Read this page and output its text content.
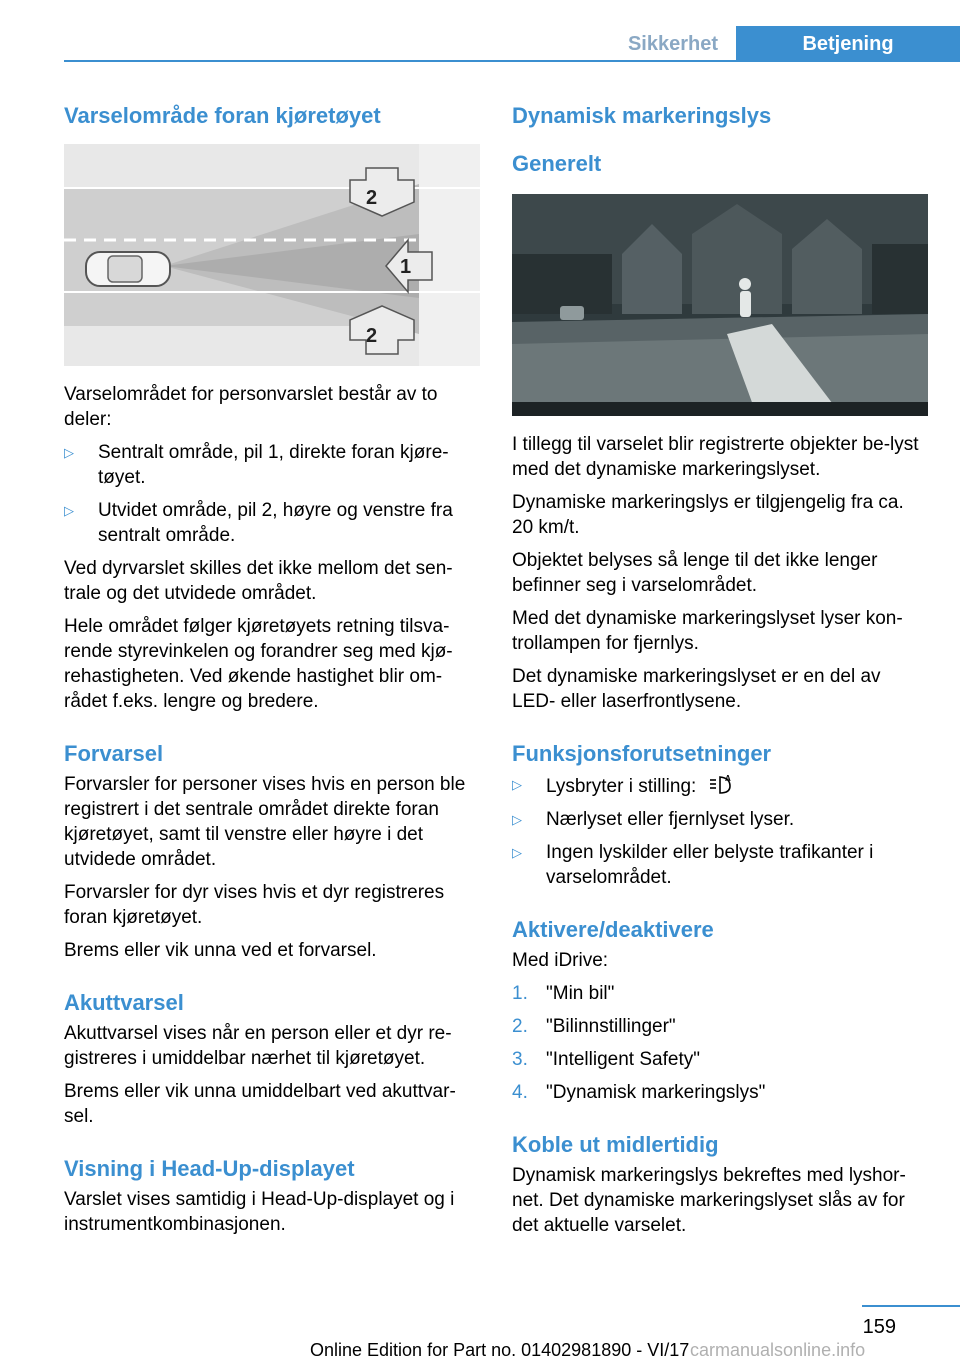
Sikkerhet	Betjening
Varselområde foran kjøretøyet
2
1
2

Varselområdet for personvarslet består av to deler:

▷ Sentralt område, pil 1, direkte foran kjøre-tøyet.
▷ Utvidet område, pil 2, høyre og venstre fra sentralt område.

Ved dyrvarslet skilles det ikke mellom det sen-trale og det utvidede området.

Hele området følger kjøretøyets retning tilsva-rende styrevinkelen og forandrer seg med kjø-rehastigheten. Ved økende hastighet blir om-rådet f.eks. lengre og bredere.

Forvarsel

Forvarsler for personer vises hvis en person ble registrert i det sentrale området direkte foran kjøretøyet, samt til venstre eller høyre i det utvidede området.

Forvarsler for dyr vises hvis et dyr registreres foran kjøretøyet.

Brems eller vik unna ved et forvarsel.

Akuttvarsel

Akuttvarsel vises når en person eller et dyr re-gistreres i umiddelbar nærhet til kjøretøyet.

Brems eller vik unna umiddelbart ved akuttvar-sel.

Visning i Head-Up-displayet

Varslet vises samtidig i Head-Up-displayet og i instrumentkombinasjonen.

Dynamisk markeringslys
Generelt

I tillegg til varselet blir registrerte objekter be-lyst med det dynamiske markeringslyset.

Dynamiske markeringslys er tilgjengelig fra ca. 20 km/t.

Objektet belyses så lenge til det ikke lenger befinner seg i varselområdet.

Med det dynamiske markeringslyset lyser kon-trollampen for fjernlys.

Det dynamiske markeringslyset er en del av LED- eller laserfrontlysene.

Funksjonsforutsetninger
▷ Lysbryter i stilling:	A
▷ Nærlyset eller fjernlyset lyser.
▷ Ingen lyskilder eller belyste trafikanter i varselområdet.
Aktivere/deaktivere

Med iDrive:

1. "Min bil"
2. "Bilinnstillinger"
3. "Intelligent Safety"
4. "Dynamisk markeringslys"
Koble ut midlertidig

Dynamisk markeringslys bekreftes med lyshor-net. Det dynamiske markeringslyset slås av for det aktuelle varselet.

159
Online Edition for Part no. 01402981890 - VI/17 carmanualsonline.info
